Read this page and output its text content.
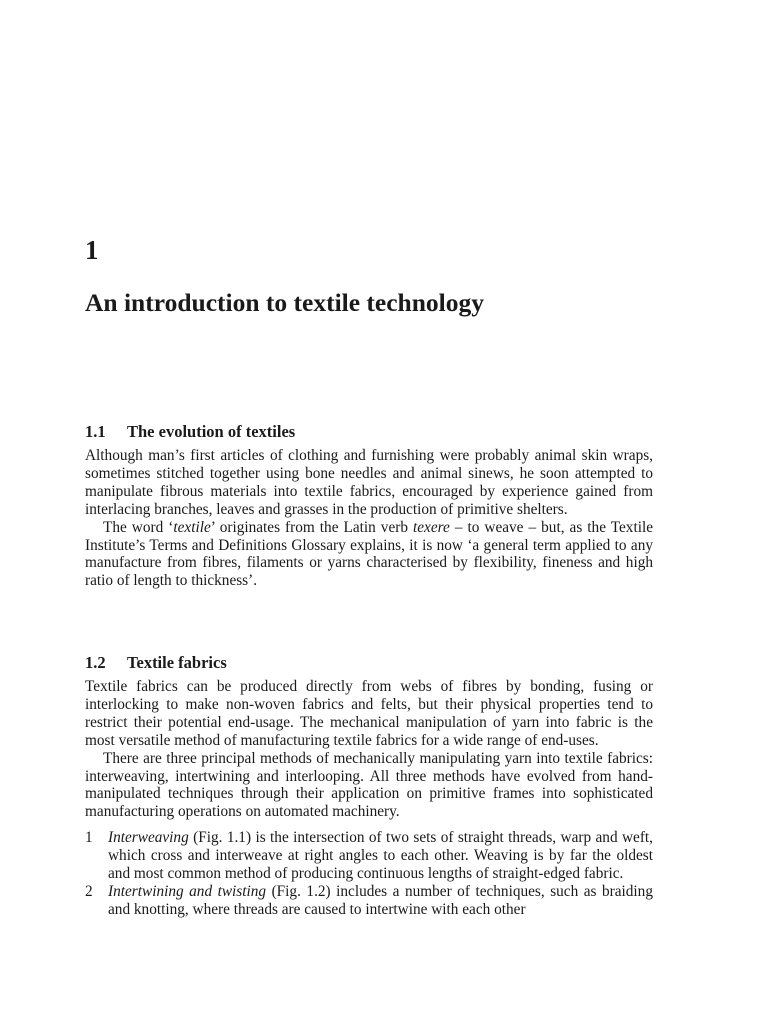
1
An introduction to textile technology
1.1 The evolution of textiles

Although man’s first articles of clothing and furnishing were probably animal skin wraps, sometimes stitched together using bone needles and animal sinews, he soon attempted to manipulate fibrous materials into textile fabrics, encouraged by experience gained from interlacing branches, leaves and grasses in the production of primitive shelters.

The word ‘textile’ originates from the Latin verb texere – to weave – but, as the Textile Institute’s Terms and Definitions Glossary explains, it is now ‘a general term applied to any manufacture from fibres, filaments or yarns characterised by flexibility, fineness and high ratio of length to thickness’.

1.2 Textile fabrics

Textile fabrics can be produced directly from webs of fibres by bonding, fusing or interlocking to make non-woven fabrics and felts, but their physical properties tend to restrict their potential end-usage. The mechanical manipulation of yarn into fabric is the most versatile method of manufacturing textile fabrics for a wide range of end-uses.

There are three principal methods of mechanically manipulating yarn into textile fabrics: interweaving, intertwining and interlooping. All three methods have evolved from hand-manipulated techniques through their application on primitive frames into sophisticated manufacturing operations on automated machinery.

1 Interweaving (Fig. 1.1) is the intersection of two sets of straight threads, warp and weft, which cross and interweave at right angles to each other. Weaving is by far the oldest and most common method of producing continuous lengths of straight-edged fabric.
2 Intertwining and twisting (Fig. 1.2) includes a number of techniques, such as braiding and knotting, where threads are caused to intertwine with each other
